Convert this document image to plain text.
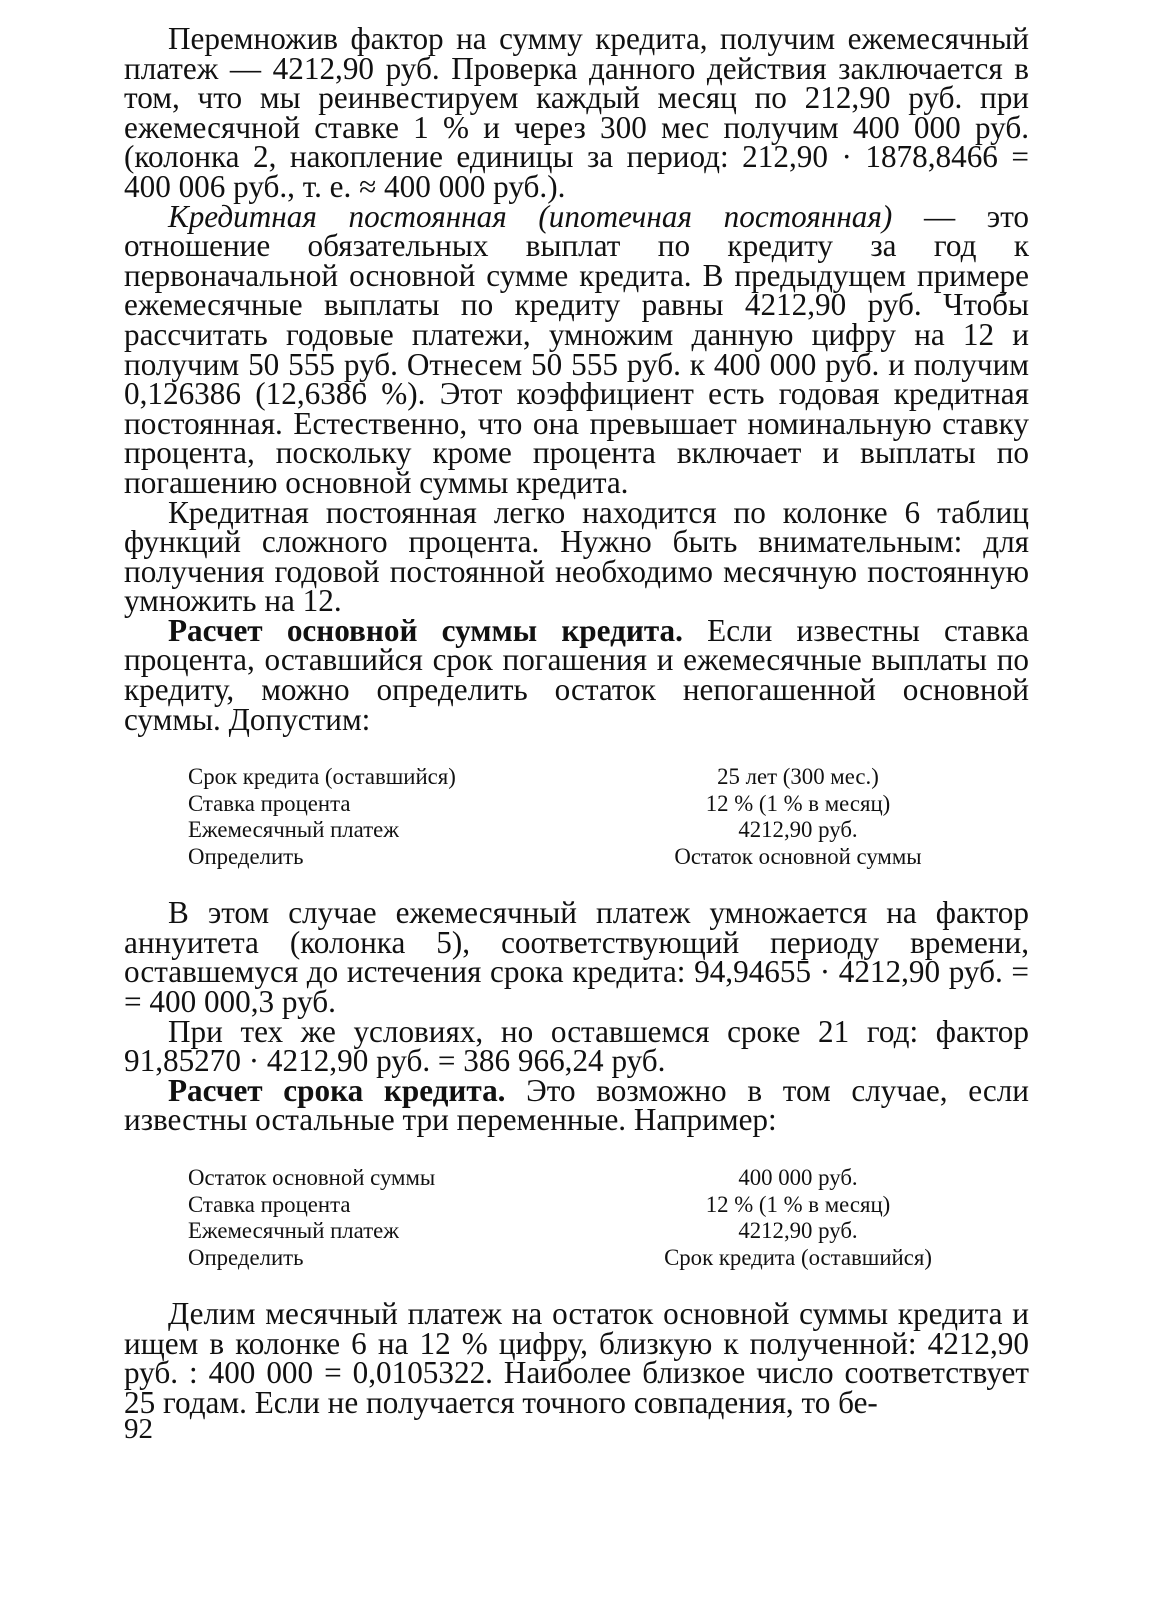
Перемножив фактор на сумму кредита, получим ежемесячный платеж — 4212,90 руб. Проверка данного действия заключается в том, что мы реинвестируем каждый месяц по 212,90 руб. при ежемесячной ставке 1 % и через 300 мес получим 400 000 руб. (колонка 2, накопление единицы за период: 212,90 · 1878,8466 = 400 006 руб., т. е. ≈ 400 000 руб.).

Кредитная постоянная (ипотечная постоянная) — это отношение обязательных выплат по кредиту за год к первоначальной основной сумме кредита. В предыдущем примере ежемесячные выплаты по кредиту равны 4212,90 руб. Чтобы рассчитать годовые платежи, умножим данную цифру на 12 и получим 50 555 руб. Отнесем 50 555 руб. к 400 000 руб. и получим 0,126386 (12,6386 %). Этот коэффициент есть годовая кредитная постоянная. Естественно, что она превышает номинальную ставку процента, поскольку кроме процента включает и выплаты по погашению основной суммы кредита.

Кредитная постоянная легко находится по колонке 6 таблиц функций сложного процента. Нужно быть внимательным: для получения годовой постоянной необходимо месячную постоянную умножить на 12.

Расчет основной суммы кредита. Если известны ставка процента, оставшийся срок погашения и ежемесячные выплаты по кредиту, можно определить остаток непогашенной основной суммы. Допустим:

Срок кредита (оставшийся)	25 лет (300 мес.)
Ставка процента	12 % (1 % в месяц)
Ежемесячный платеж	4212,90 руб.
Определить	Остаток основной суммы

В этом случае ежемесячный платеж умножается на фактор аннуитета (колонка 5), соответствующий периоду времени, оставшемуся до истечения срока кредита: 94,94655 · 4212,90 руб. = = 400 000,3 руб.

При тех же условиях, но оставшемся сроке 21 год: фактор 91,85270 · 4212,90 руб. = 386 966,24 руб.

Расчет срока кредита. Это возможно в том случае, если известны остальные три переменные. Например:

Остаток основной суммы	400 000 руб.
Ставка процента	12 % (1 % в месяц)
Ежемесячный платеж	4212,90 руб.
Определить	Срок кредита (оставшийся)

Делим месячный платеж на остаток основной суммы кредита и ищем в колонке 6 на 12 % цифру, близкую к полученной: 4212,90 руб. : 400 000 = 0,0105322. Наиболее близкое число соответствует 25 годам. Если не получается точного совпадения, то бе-

92
